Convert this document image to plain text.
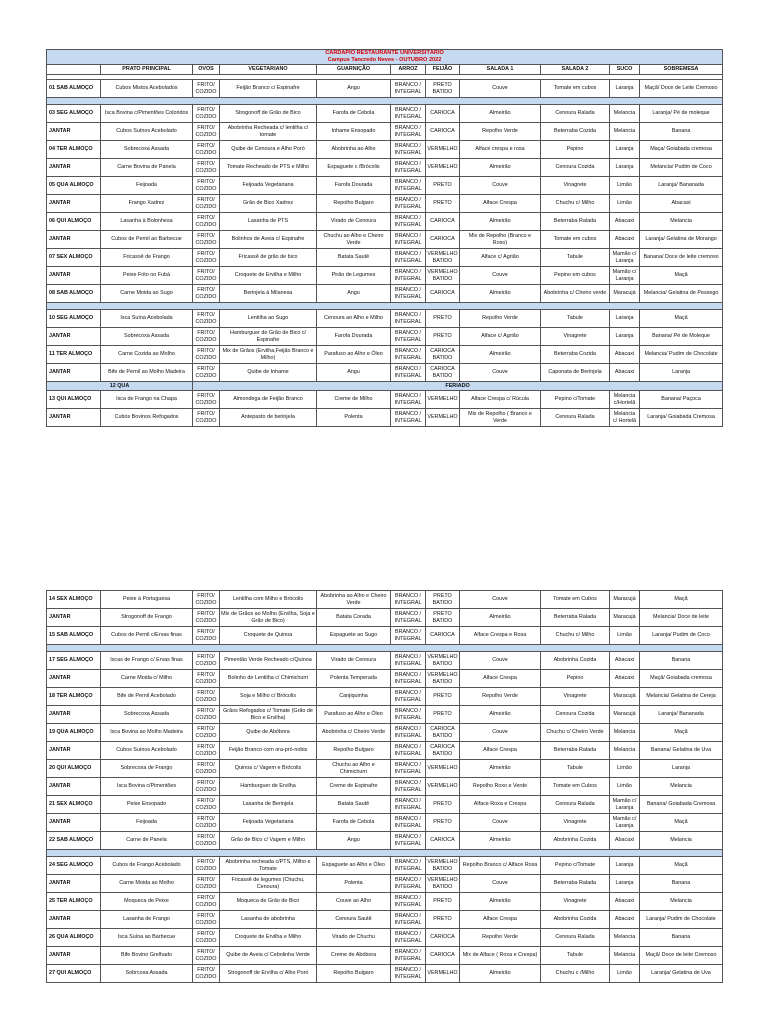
CARDÁPIO RESTAURANTE UNIVERSITÁRIO										
Campus Tancredo Neves - OUTUBRO 2022										
	PRATO PRINCIPAL	OVOS	VEGETARIANO	GUARNIÇÃO	ARROZ	FEIJÃO	SALADA 1	SALADA 2	SUCO	SOBREMESA

01 SAB ALMOÇO	Cubos Mistos Acebolados	FRITO/ COZIDO	Feijão Branco c/ Espinafre	Angu	BRANCO / INTEGRAL	PRETO BATIDO	Couve	Tomate em cubos	Laranja	Maçã/ Doce de Leite Cremoso

03 SEG ALMOÇO	Isca Bovina c/Pimentões Coloridos	FRITO/ COZIDO	Strogonoff de Grão de Bico	Farofa de Cebola	BRANCO / INTEGRAL	CARIOCA	Almeirão	Cenoura Ralada	Melancia	Laranja/ Pé de moleque
JANTAR	Cubos Suínos Acebolado	FRITO/ COZIDO	Abobrinha Recheada c/ lentilha c/ tomate	Inhame Ensopado	BRANCO / INTEGRAL	CARIOCA	Repolho Verde	Beterraba Cozida	Melancia	Banana
04 TER ALMOÇO	Sobrecoxa Assada	FRITO/ COZIDO	Quibe de Cenoura e Alho Poró	Abobrinha ao Alho	BRANCO / INTEGRAL	VERMELHO	Alface crespa e rosa	Pepino	Laranja	Maça/ Goiabada cremosa
JANTAR	Carne Bovina de Panela	FRITO/ COZIDO	Tomate Recheado de PTS e Milho	Espaguete c /Brócolis	BRANCO / INTEGRAL	VERMELHO	Almeirão	Cenoura Cozida	Laranja	Melancia/ Pudim de Coco
05 QUA ALMOÇO	Feijoada	FRITO/ COZIDO	Feijoada Vegetariana	Farofa Dourada	BRANCO / INTEGRAL	PRETO	Couve	Vinagrete	Limão	Laranja/ Bananada
JANTAR	Frango Xadrez	FRITO/ COZIDO	Grão de Bico Xadrez	Repolho Bulgaro	BRANCO / INTEGRAL	PRETO	Alface Crespa	Chuchu c/ Milho	Limão	Abacaxi
06 QUI ALMOÇO	Lasanha à Bolonhesa	FRITO/ COZIDO	Lasanha de PTS	Virado de Cenoura	BRANCO / INTEGRAL	CARIOCA	Almeirão	Beterraba Ralada	Abacaxi	Melancia
JANTAR	Cubos de Pernil ao Barbecue	FRITO/ COZIDO	Bolinhos de Aveia c/ Espinafre	Chuchu ao Alho e Cheiro Verde	BRANCO / INTEGRAL	CARIOCA	Mix de Repolho (Branco e Roxo)	Tomate em cubos	Abacaxi	Laranja/ Gelatina de Morango
07 SEX ALMOÇO	Fricassê de Frango	FRITO/ COZIDO	Fricassê de grão de bico	Batata Sautê	BRANCO / INTEGRAL	VERMELHO BATIDO	Alface c/ Agrião	Tabule	Mamão c/ Laranja	Banana/ Doce de leite cremoso
JANTAR	Peixe Frito no Fubá	FRITO/ COZIDO	Croquete de Ervilha e Milho	Pirão de Legumes	BRANCO / INTEGRAL	VERMELHO BATIDO	Couve	Pepino em cubos	Mamão c/ Laranja	Maçã
08 SAB ALMOÇO	Carne Moida ao Sugo	FRITO/ COZIDO	Berinjela à Milanesa	Angu	BRANCO / INTEGRAL	CARIOCA	Almeirão	Abobrinha c/ Cheiro verde	Maracujá	Melancia/ Gelatina de Pessego

10 SEG ALMOÇO	Isca Suína Acebolada	FRITO/ COZIDO	Lentilha ao Sugo	Cenoura ao Alho e Milho	BRANCO / INTEGRAL	PRETO	Repolho Verde	Tabule	Laranja	Maçã
JANTAR	Sobrecoxa Assada	FRITO/ COZIDO	Hamburguer de Grão de Bico c/ Espinafre	Farofa Dourada	BRANCO / INTEGRAL	PRETO	Alface c/ Agrião	Vinagrete	Laranja	Banana/ Pé de Moleque
11 TER ALMOÇO	Carne Cozida ao Molho	FRITO/ COZIDO	Mix de Grãos (Ervilha,Feijão Branco e Milho)	Parafuso ao Alho e Óleo	BRANCO / INTEGRAL	CARIOCA BATIDO	Almeirão	Beterraba Cozida	Abacaxi	Melancia/ Pudim de Chocolate
JANTAR	Bife de Pernil ao Molho Madeira	FRITO/ COZIDO	Quibe de Inhame	Angu	BRANCO / INTEGRAL	CARIOCA BATIDO	Couve	Caponata de Berinjela	Abacaxi	Laranja
12 QUA		FERIADO								
13 QUI ALMOÇO	Isca de Frango na Chapa	FRITO/ COZIDO	Almondega de Feijão Branco	Creme de Milho	BRANCO / INTEGRAL	VERMELHO	Alface Crespa c/ Rúcula	Pepino c/Tomate	Melancia c/Hortelã	Banana/ Paçoca
JANTAR	Cubos Bovinos Refogados	FRITO/ COZIDO	Antepasto de berinjela	Polenta	BRANCO / INTEGRAL	VERMELHO	Mix de Repolho ( Branco e Verde	Cenoura Ralada	Melancia c/ Hortelã	Laranja/ Goiabada Cremosa
14 SEX ALMOÇO	Peixe à Portuguesa	FRITO/ COZIDO	Lentilha com Milho e Brócolis	Abobrinha ao Alho e Cheiro Verde	BRANCO / INTEGRAL	PRETO BATIDO	Couve	Tomate em Cubos	Maracujá	Maçã
JANTAR	Strogonoff de Frango	FRITO/ COZIDO	Mix de Grãos ao Molho (Ervilha, Soja e Grão de Bico)	Batata Corada	BRANCO / INTEGRAL	PRETO BATIDO	Almeirão	Beterraba Ralada	Maracujá	Melancia/ Doce de leite
15 SAB ALMOÇO	Cubos de Pernil c/Ervas finas	FRITO/ COZIDO	Croquete de Quinoa	Espaguete ao Sugo	BRANCO / INTEGRAL	CARIOCA	Alface Crespa e Rosa	Chuchu c/ Milho	Limão	Laranja/ Pudim de Coco

17 SEG ALMOÇO	Iscas de Frango c/ Ervas finas	FRITO/ COZIDO	Pimentão Verde Recheado c/Quinoa	Virado de Cenoura	BRANCO / INTEGRAL	VERMELHO BATIDO	Couve	Abobrinha Cozida	Abacaxi	Banana
JANTAR	Carne Moida c/ Milho	FRITO/ COZIDO	Bolinho de Lentilha c/ Chimichurri	Polenta Temperada	BRANCO / INTEGRAL	VERMELHO BATIDO	Alface Crespa	Pepino	Abacaxi	Maçã/ Goiabada cremosa
18 TER ALMOÇO	Bife de Pernil Acebolado	FRITO/ COZIDO	Soja e Milho c/ Brócolis	Canjiquinha	BRANCO / INTEGRAL	PRETO	Repolho Verde	Vinagrete	Maracujá	Melancia/ Gelatina de Cereja
JANTAR	Sobrecoxa Assada	FRITO/ COZIDO	Grãos Refogados c/ Tomate (Grão de Bico e Ervilha)	Parafuso ao Alho e Óleo	BRANCO / INTEGRAL	PRETO	Almeirão	Cenoura Cozida	Maracujá	Laranja/ Bananada
19 QUA ALMOÇO	Isca Bovina ao Molho Madeira	FRITO/ COZIDO	Quibe de Abóbora	Abobrinha c/ Cheiro Verde	BRANCO / INTEGRAL	CARIOCA BATIDO	Couve	Chuchu c/ Cheiro Verde	Melancia	Maçã
JANTAR	Cubos Suínos Acebolado	FRITO/ COZIDO	Feijão Branco com ora-pró-nobis	Repolho Bulgaro	BRANCO / INTEGRAL	CARIOCA BATIDO	Alface Crespa	Beterraba Ralada	Melancia	Banana/ Gelatina de Uva
20 QUI ALMOÇO	Sobrecoxa de Frango	FRITO/ COZIDO	Quinoa c/ Vagem e Brócolis	Chuchu ao Alho e Chimichurri	BRANCO / INTEGRAL	VERMELHO	Almeirão	Tabule	Limão	Laranja
JANTAR	Isca Bovina c/Pimentões	FRITO/ COZIDO	Hamburguer de Ervilha	Creme de Espinafre	BRANCO / INTEGRAL	VERMELHO	Repolho Roxo e Verde	Tomate em Cubos	Limão	Melancia
21 SEX ALMOÇO	Peixe Ensopado	FRITO/ COZIDO	Lasanha de Berinjela	Batata Sautê	BRANCO / INTEGRAL	PRETO	Alface Roxa e Crespa	Cenoura Ralada	Mamão c/ Laranja	Banana/ Goiabada Cremosa
JANTAR	Feijoada	FRITO/ COZIDO	Feijoada Vegetariana	Farofa de Cebola	BRANCO / INTEGRAL	PRETO	Couve	Vinagrete	Mamão c/ Laranja	Maçã
22 SAB ALMOÇO	Carne de Panela	FRITO/ COZIDO	Grão de Bico c/ Vagem e Milho	Angu	BRANCO / INTEGRAL	CARIOCA	Almeirão	Abobrinha Cozida	Abacaxi	Melancia

24 SEG ALMOÇO	Cubos de Frango Acebolado	FRITO/ COZIDO	Abobrinha recheada c/PTS, Milho e Tomate	Espaguete ao Alho e Óleo	BRANCO / INTEGRAL	VERMELHO BATIDO	Repolho Branco c/ Alface Roxa	Pepino c/Tomate	Laranja	Maçã
JANTAR	Carne Moida ao Molho	FRITO/ COZIDO	Fricassê de legumes (Chuchu, Cenoura)	Polenta	BRANCO / INTEGRAL	VERMELHO BATIDO	Couve	Beterraba Ralada	Laranja	Banana
25 TER ALMOÇO	Moqueca de Peixe	FRITO/ COZIDO	Moqueca de Grão de Bico	Couve ao Alho	BRANCO / INTEGRAL	PRETO	Almeirão	Vinagrete	Abacaxi	Melancia
JANTAR	Lasanha de Frango	FRITO/ COZIDO	Lasanha de abobrinha	Cenoura Sautê	BRANCO / INTEGRAL	PRETO	Alface Crespa	Abobrinha Cozida	Abacaxi	Laranja/ Pudim de Chocolate
26 QUA ALMOÇO	Isca Suína ao Barbecue	FRITO/ COZIDO	Croquete de Ervilha e Milho	Virado de Chuchu	BRANCO / INTEGRAL	CARIOCA	Repolho Verde	Cenoura Ralada	Melancia	Banana
JANTAR	Bife Bovino Grelhado	FRITO/ COZIDO	Quibe de Aveia c/ Cebolinha Verde	Creme de Abóbora	BRANCO / INTEGRAL	CARIOCA	Mix de Alface ( Roxa e Crespa)	Tabule	Melancia	Maçã/ Doce de leite Cremoso
27 QUI ALMOÇO	Sobrcoxa Assada	FRITO/ COZIDO	Strogonoff de Ervilha c/ Alho Poró	Repolho Bulgaro	BRANCO / INTEGRAL	VERMELHO	Almeirão	Chuchu c /Milho	Limão	Laranja/ Gelatina de Uva
